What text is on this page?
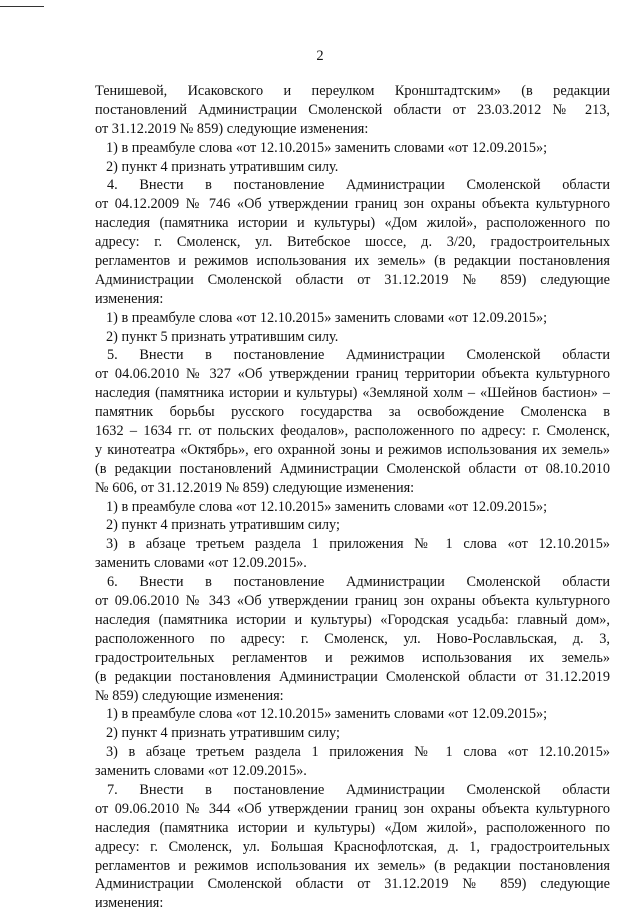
2
Тенишевой, Исаковского и переулком Кронштадтским» (в редакции
постановлений Администрации Смоленской области от 23.03.2012 № 213,
от 31.12.2019 № 859) следующие изменения:
1) в преамбуле слова «от 12.10.2015» заменить словами «от 12.09.2015»;
2) пункт 4 признать утратившим силу.
4. Внести в постановление Администрации Смоленской области
от 04.12.2009 № 746 «Об утверждении границ зон охраны объекта культурного
наследия (памятника истории и культуры) «Дом жилой», расположенного по
адресу: г. Смоленск, ул. Витебское шоссе, д. 3/20, градостроительных
регламентов и режимов использования их земель» (в редакции постановления
Администрации Смоленской области от 31.12.2019 № 859) следующие
изменения:
1) в преамбуле слова «от 12.10.2015» заменить словами «от 12.09.2015»;
2) пункт 5 признать утратившим силу.
5. Внести в постановление Администрации Смоленской области
от 04.06.2010 № 327 «Об утверждении границ территории объекта культурного
наследия (памятника истории и культуры) «Земляной холм – «Шейнов бастион» –
памятник борьбы русского государства за освобождение Смоленска в
1632 – 1634 гг. от польских феодалов», расположенного по адресу: г. Смоленск,
у кинотеатра «Октябрь», его охранной зоны и режимов использования их земель»
(в редакции постановлений Администрации Смоленской области от 08.10.2010
№ 606, от 31.12.2019 № 859) следующие изменения:
1) в преамбуле слова «от 12.10.2015» заменить словами «от 12.09.2015»;
2) пункт 4 признать утратившим силу;
3) в абзаце третьем раздела 1 приложения № 1 слова «от 12.10.2015»
заменить словами «от 12.09.2015».
6. Внести в постановление Администрации Смоленской области
от 09.06.2010 № 343 «Об утверждении границ зон охраны объекта культурного
наследия (памятника истории и культуры) «Городская усадьба: главный дом»,
расположенного по адресу: г. Смоленск, ул. Ново-Рославльская, д. 3,
градостроительных регламентов и режимов использования их земель»
(в редакции постановления Администрации Смоленской области от 31.12.2019
№ 859) следующие изменения:
1) в преамбуле слова «от 12.10.2015» заменить словами «от 12.09.2015»;
2) пункт 4 признать утратившим силу;
3) в абзаце третьем раздела 1 приложения № 1 слова «от 12.10.2015»
заменить словами «от 12.09.2015».
7. Внести в постановление Администрации Смоленской области
от 09.06.2010 № 344 «Об утверждении границ зон охраны объекта культурного
наследия (памятника истории и культуры) «Дом жилой», расположенного по
адресу: г. Смоленск, ул. Большая Краснофлотская, д. 1, градостроительных
регламентов и режимов использования их земель» (в редакции постановления
Администрации Смоленской области от 31.12.2019 № 859) следующие
изменения:
